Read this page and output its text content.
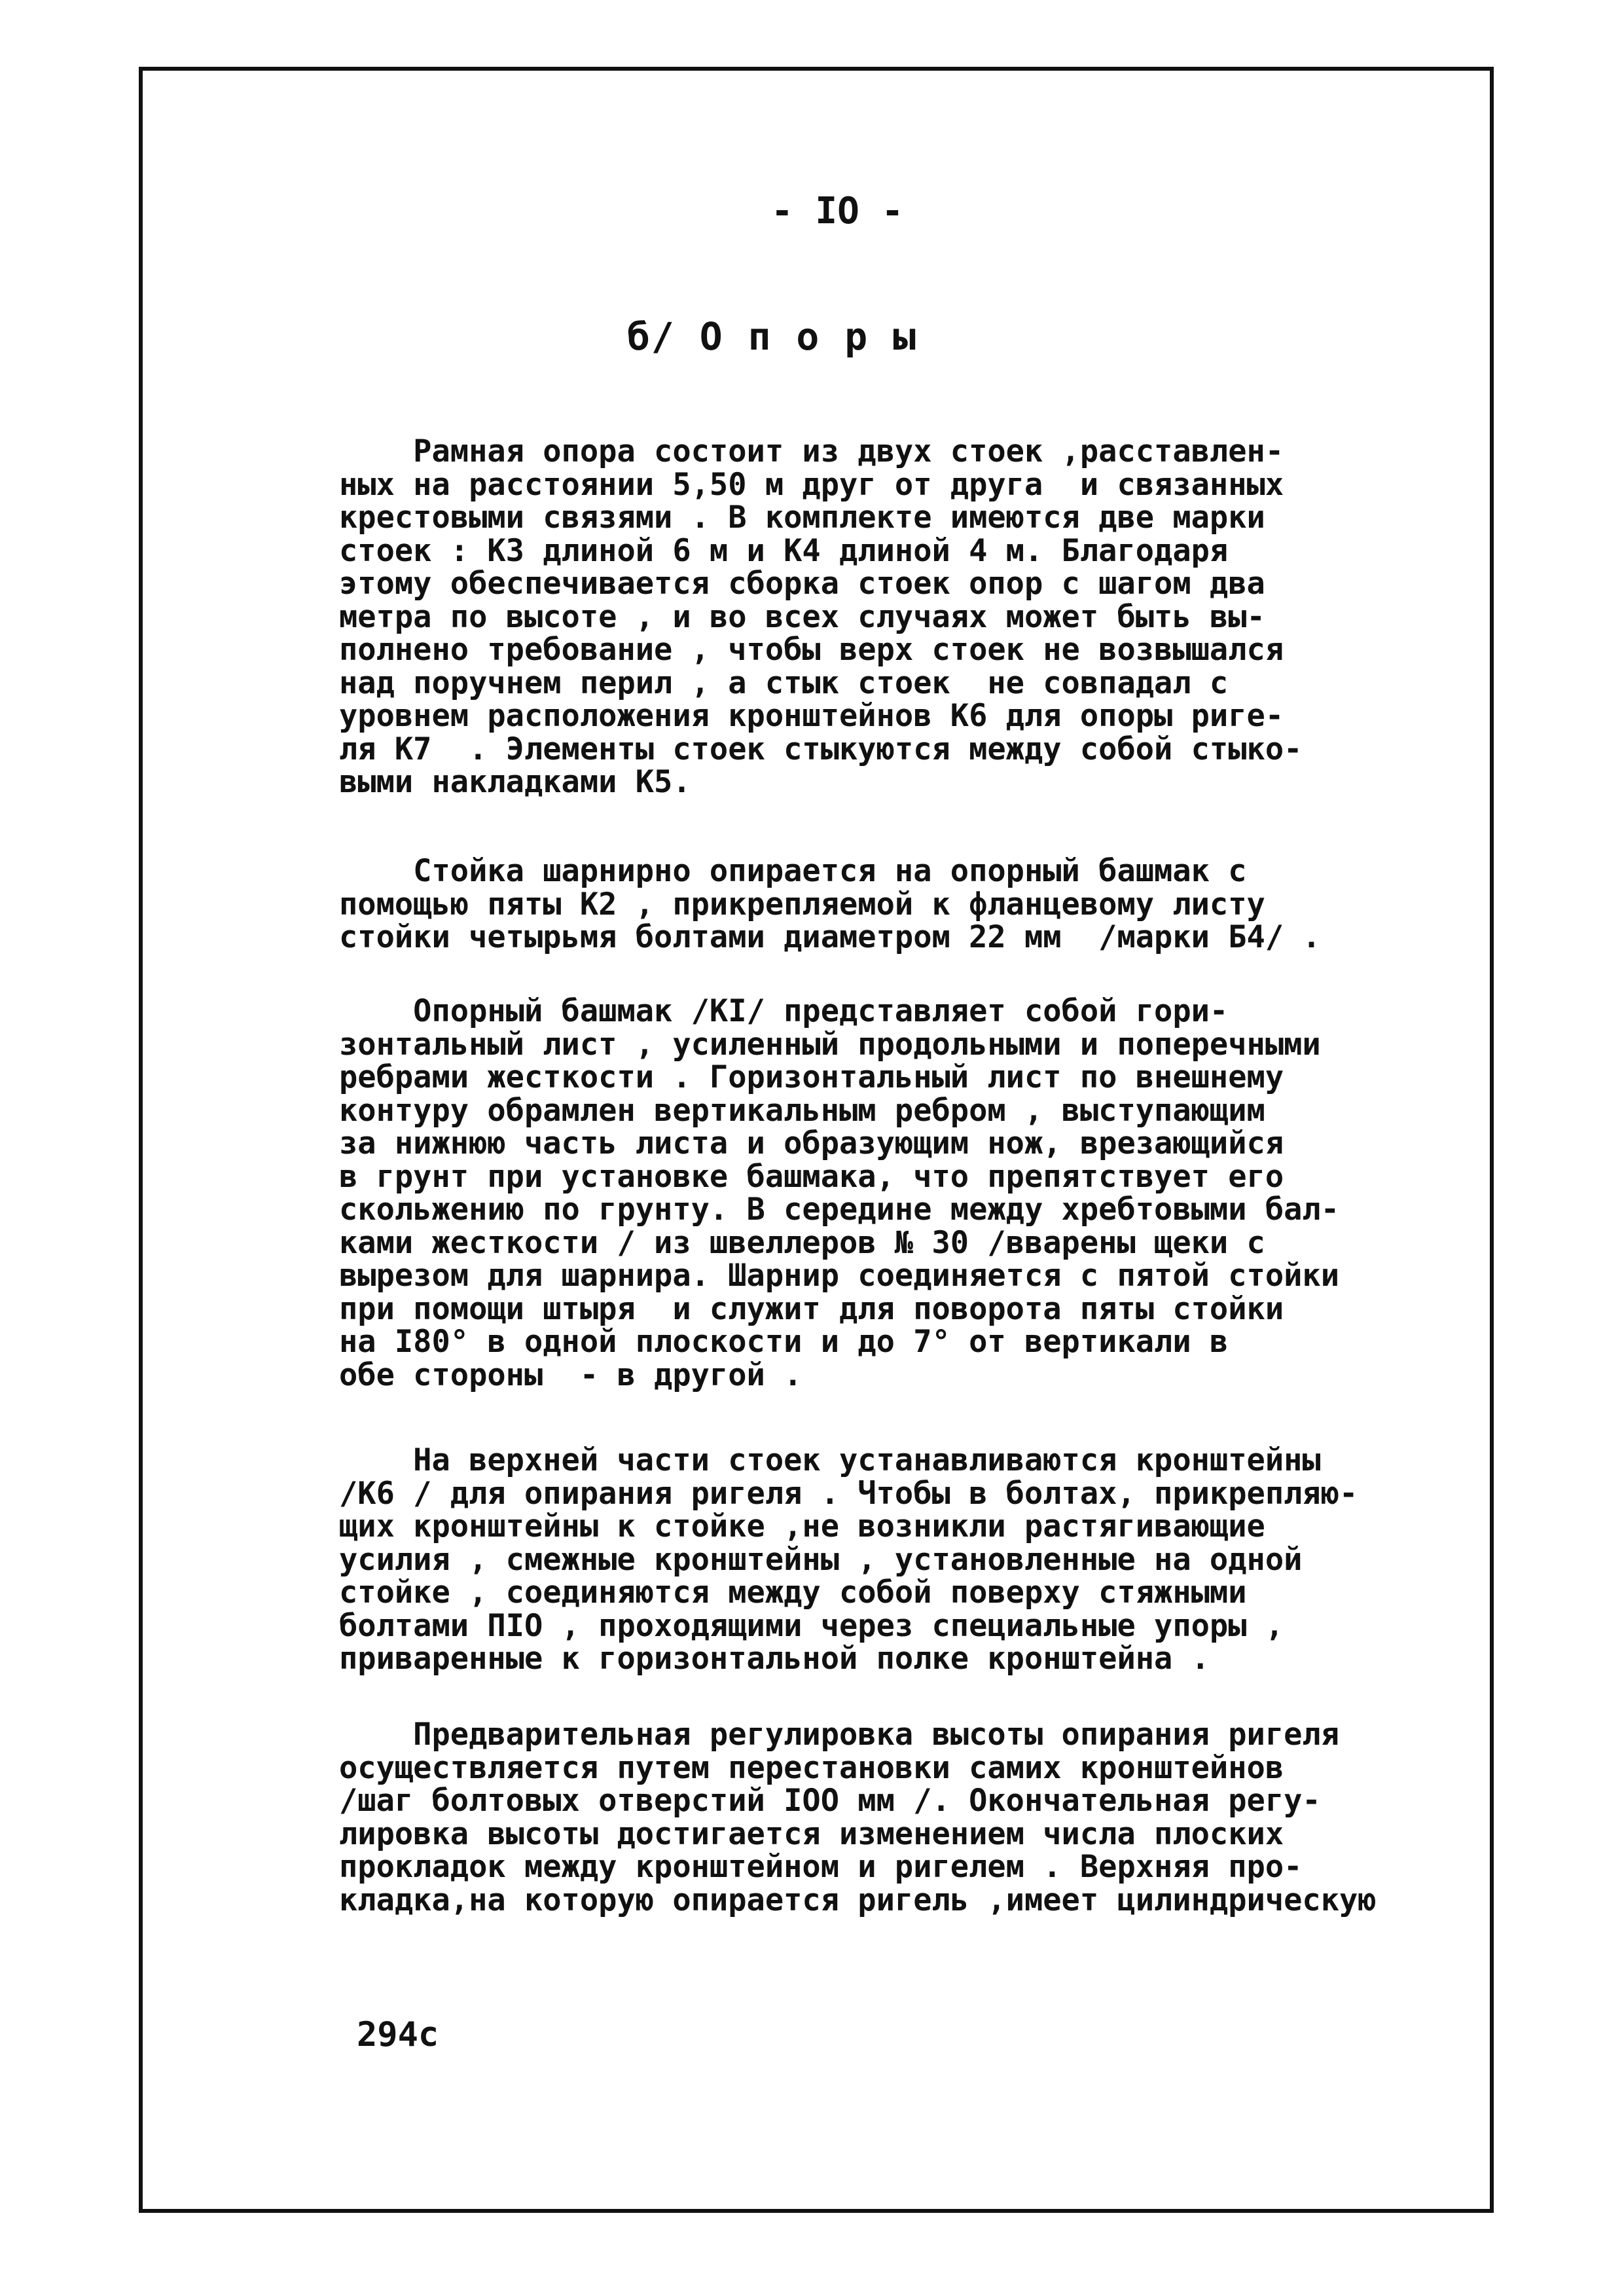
- IO -
б/ О п о р ы
Рамная опора состоит из двух стоек ,расставлен-
ных на расстоянии 5,50 м друг от друга  и связанных
крестовыми связями . В комплекте имеются две марки
стоек : К3 длиной 6 м и К4 длиной 4 м. Благодаря
этому обеспечивается сборка стоек опор с шагом два
метра по высоте , и во всех случаях может быть вы-
полнено требование , чтобы верх стоек не возвышался
над поручнем перил , а стык стоек  не совпадал с
уровнем расположения кронштейнов К6 для опоры риге-
ля К7  . Элементы стоек стыкуются между собой стыко-
выми накладками К5.
Стойка шарнирно опирается на опорный башмак с
помощью пяты К2 , прикрепляемой к фланцевому листу
стойки четырьмя болтами диаметром 22 мм  /марки Б4/ .
Опорный башмак /КI/ представляет собой гори-
зонтальный лист , усиленный продольными и поперечными
ребрами жесткости . Горизонтальный лист по внешнему
контуру обрамлен вертикальным ребром , выступающим
за нижнюю часть листа и образующим нож, врезающийся
в грунт при установке башмака, что препятствует его
скольжению по грунту. В середине между хребтовыми бал-
ками жесткости / из швеллеров № 30 /вварены щеки с
вырезом для шарнира. Шарнир соединяется с пятой стойки
при помощи штыря  и служит для поворота пяты стойки
на I80° в одной плоскости и до 7° от вертикали в
обе стороны  - в другой .
На верхней части стоек устанавливаются кронштейны
/К6 / для опирания ригеля . Чтобы в болтах, прикрепляю-
щих кронштейны к стойке ,не возникли растягивающие
усилия , смежные кронштейны , установленные на одной
стойке , соединяются между собой поверху стяжными
болтами ПIО , проходящими через специальные упоры ,
приваренные к горизонтальной полке кронштейна .
Предварительная регулировка высоты опирания ригеля
осуществляется путем перестановки самих кронштейнов
/шаг болтовых отверстий IOO мм /. Окончательная регу-
лировка высоты достигается изменением числа плоских
прокладок между кронштейном и ригелем . Верхняя про-
кладка,на которую опирается ригель ,имеет цилиндрическую
294с
